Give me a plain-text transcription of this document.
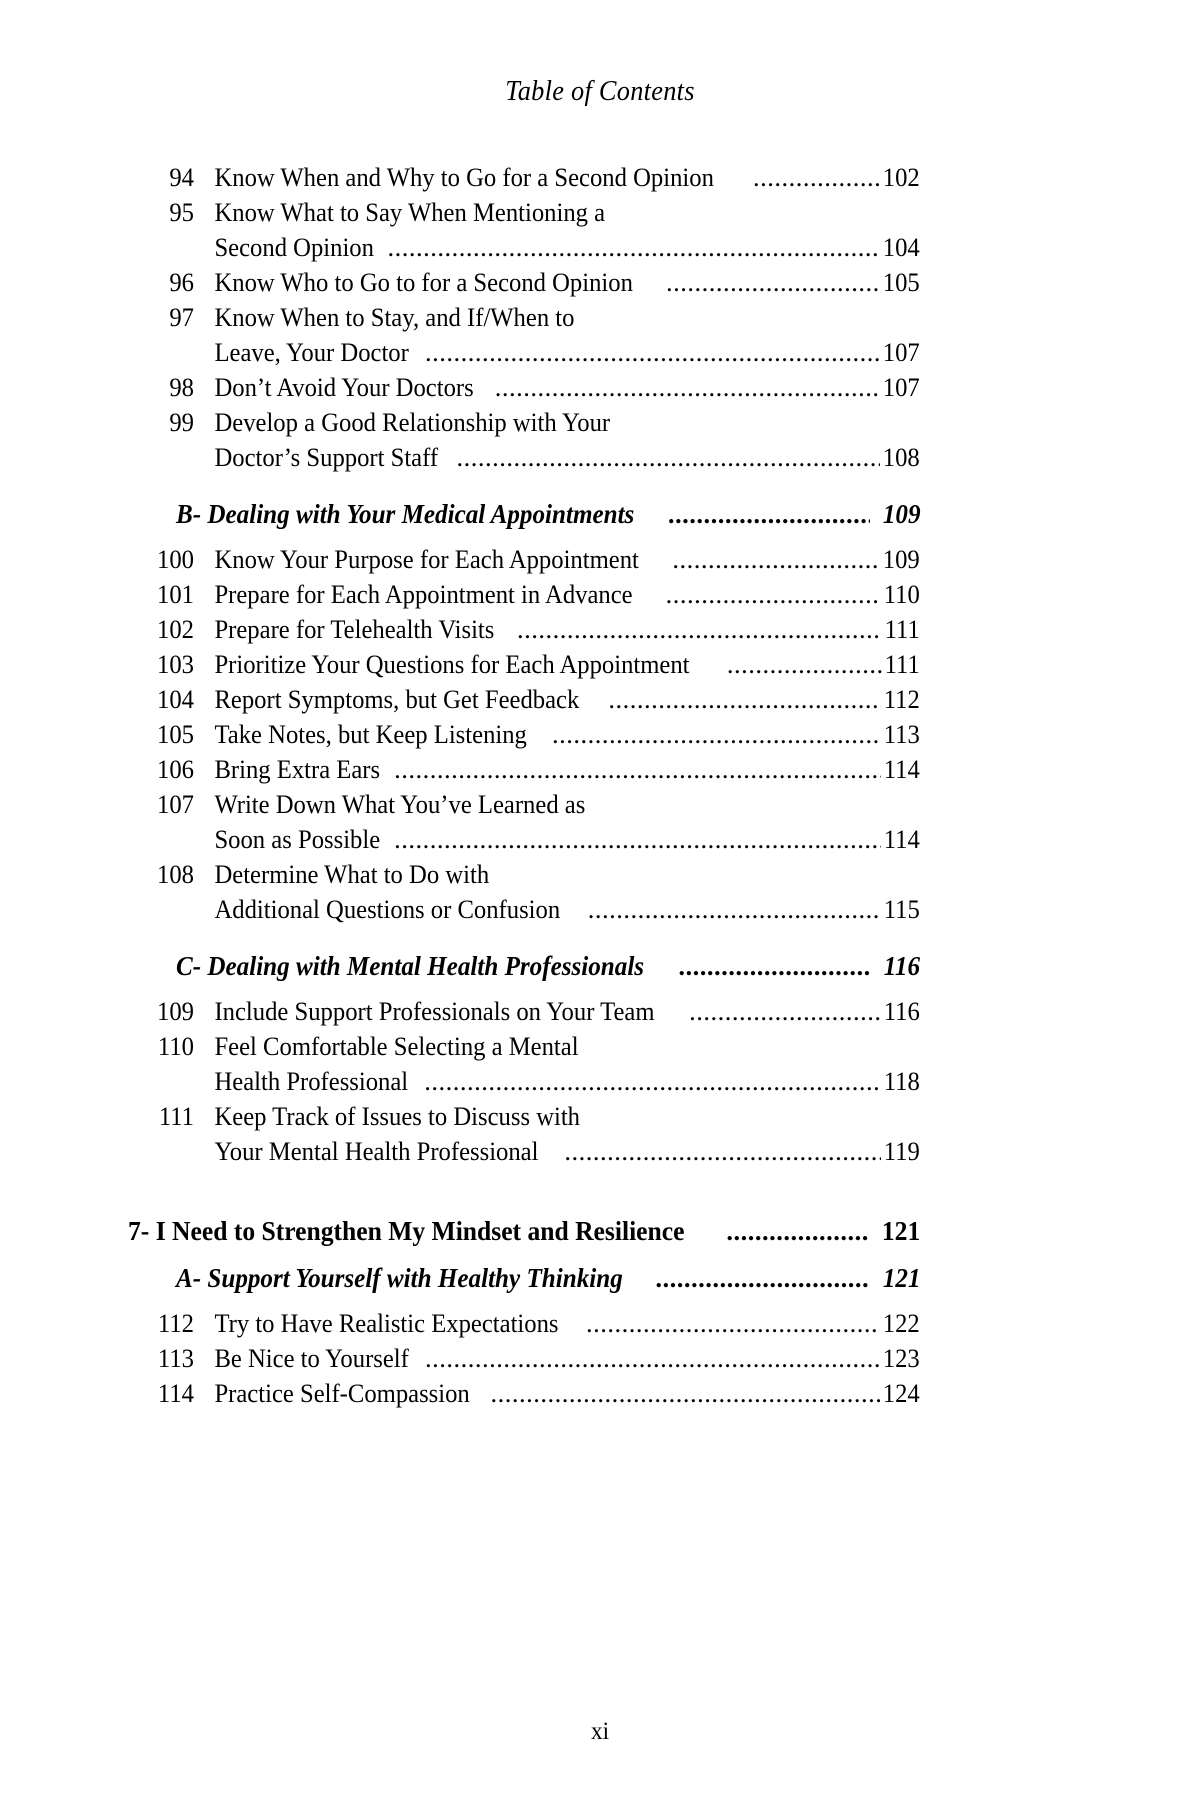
Table of Contents
94 Know When and Why to Go for a Second Opinion .....	102
95 Know What to Say When Mentioning a
Second Opinion .....	104
96 Know Who to Go to for a Second Opinion .....	105
97 Know When to Stay, and If/When to
Leave, Your Doctor .....	107
98 Don’t Avoid Your Doctors .....	107
99 Develop a Good Relationship with Your
Doctor’s Support Staff .....	108
B- Dealing with Your Medical Appointments .....	109
100 Know Your Purpose for Each Appointment .....	109
101 Prepare for Each Appointment in Advance .....	110
102 Prepare for Telehealth Visits .....	111
103 Prioritize Your Questions for Each Appointment .....	111
104 Report Symptoms, but Get Feedback .....	112
105 Take Notes, but Keep Listening .....	113
106 Bring Extra Ears .....	114
107 Write Down What You’ve Learned as
Soon as Possible .....	114
108 Determine What to Do with
Additional Questions or Confusion .....	115
C- Dealing with Mental Health Professionals .....	116
109 Include Support Professionals on Your Team .....	116
110 Feel Comfortable Selecting a Mental
Health Professional .....	118
111 Keep Track of Issues to Discuss with
Your Mental Health Professional .....	119
7- I Need to Strengthen My Mindset and Resilience .....	121
A- Support Yourself with Healthy Thinking .....	121
112 Try to Have Realistic Expectations .....	122
113 Be Nice to Yourself .....	123
114 Practice Self-Compassion .....	124
xi
